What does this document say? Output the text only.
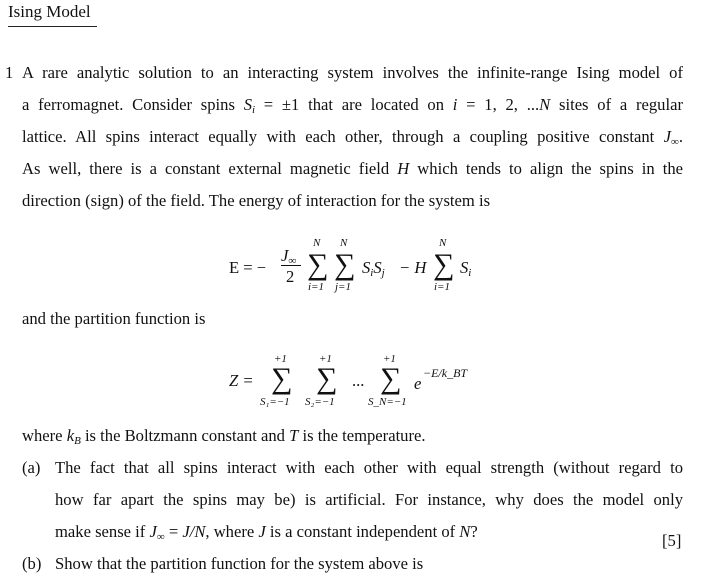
Ising Model
1 A rare analytic solution to an interacting system involves the infinite-range Ising model of
a ferromagnet. Consider spins $S_i = \pm 1$ that are located on i = 1, 2, ...N sites of a regular
lattice. All spins interact equally with each other, through a coupling positive constant $J_\infty$.
As well, there is a constant external magnetic field H which tends to align the spins in the
direction (sign) of the field. The energy of interaction for the system is
E = −
$J_\infty$
2
N
∑
i=1
N
∑
j=1
$S_iS_j - H$
N
∑
i=1
$S_i$
and the partition function is
Z =
+1
∑
S₁=−1
+1
∑
S₂=−1
...
+1
∑
S_N=−1
e
−E/k_BT
where $k_B$ is the Boltzmann constant and T is the temperature.
(a) The fact that all spins interact with each other with equal strength (without regard to
how far apart the spins may be) is artificial. For instance, why does the model only
make sense if $J_\infty = J/N$, where J is a constant independent of N?	[5]
(b) Show that the partition function for the system above is
